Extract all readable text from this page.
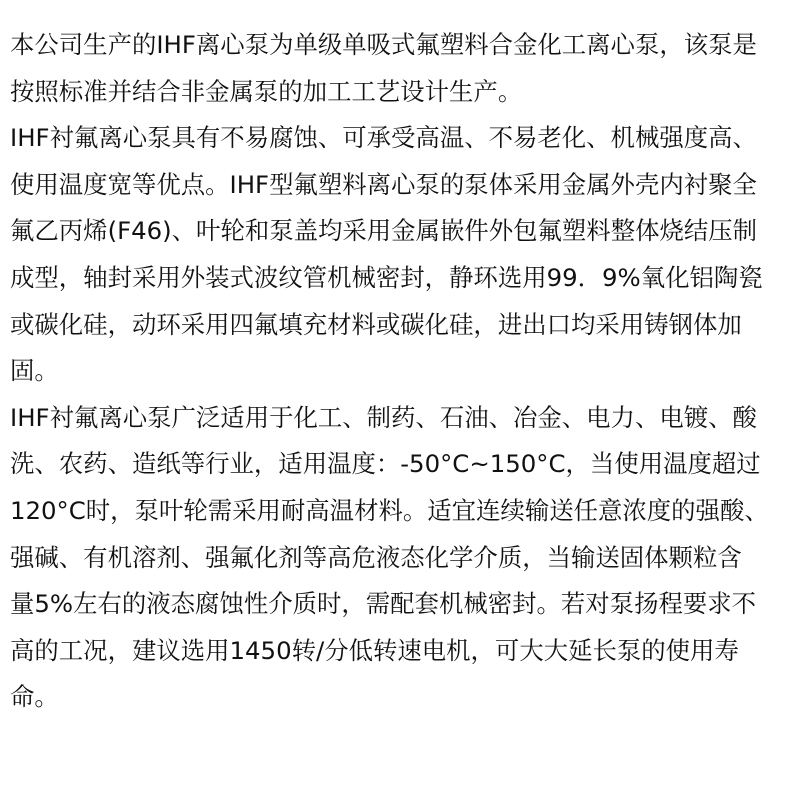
本公司生产的IHF离心泵为单级单吸式氟塑料合金化工离心泵，该泵是
按照标准并结合非金属泵的加工工艺设计生产。
IHF衬氟离心泵具有不易腐蚀、可承受高温、不易老化、机械强度高、
使用温度宽等优点。IHF型氟塑料离心泵的泵体采用金属外壳内衬聚全
氟乙丙烯(F46)、叶轮和泵盖均采用金属嵌件外包氟塑料整体烧结压制
成型，轴封采用外装式波纹管机械密封，静环选用99．9%氧化铝陶瓷
或碳化硅，动环采用四氟填充材料或碳化硅，进出口均采用铸钢体加
固。
IHF衬氟离心泵广泛适用于化工、制药、石油、冶金、电力、电镀、酸
洗、农药、造纸等行业，适用温度：-50°C~150°C，当使用温度超过
120°C时，泵叶轮需采用耐高温材料。适宜连续输送任意浓度的强酸、
强碱、有机溶剂、强氟化剂等高危液态化学介质，当输送固体颗粒含
量5%左右的液态腐蚀性介质时，需配套机械密封。若对泵扬程要求不
高的工况，建议选用1450转/分低转速电机，可大大延长泵的使用寿
命。
